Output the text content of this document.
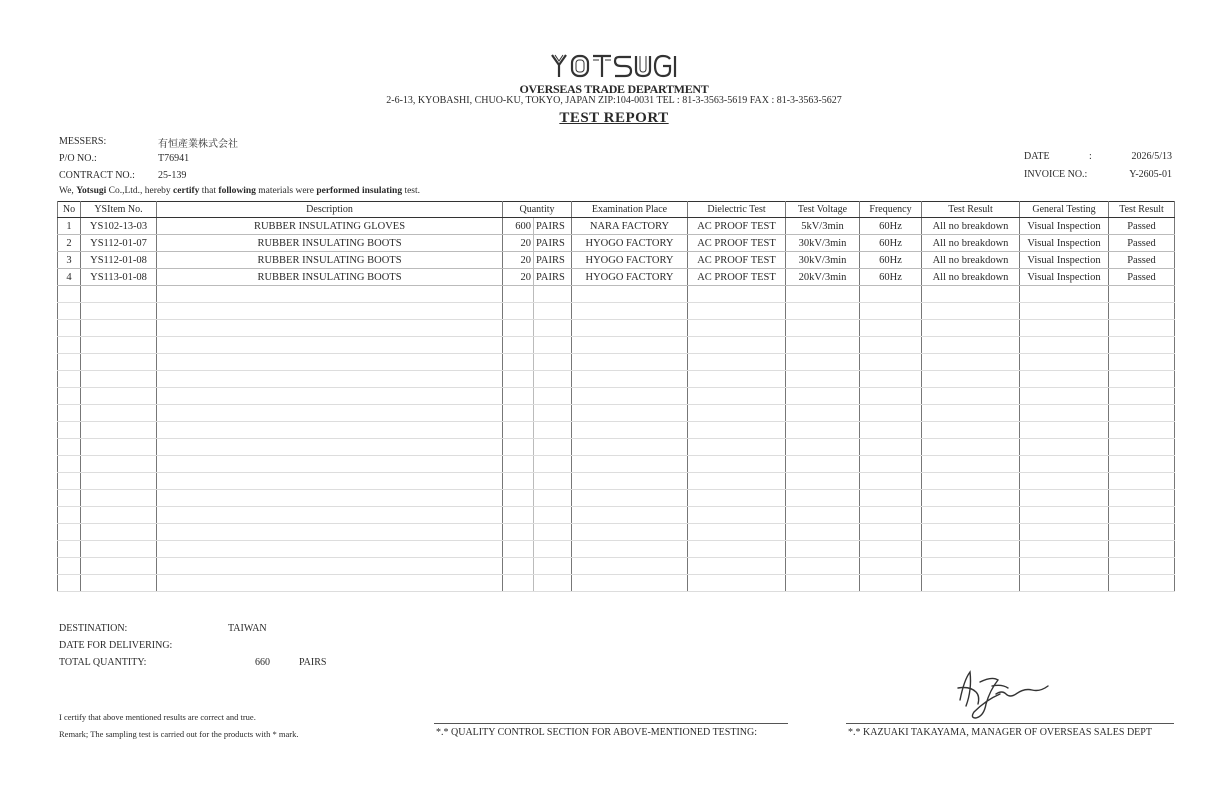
OVERSEAS TRADE DEPARTMENT
2-6-13, KYOBASHI, CHUO-KU, TOKYO, JAPAN ZIP:104-0031 TEL : 81-3-3563-5619 FAX : 81-3-3563-5627
TEST REPORT
MESSERS:	有恒產業株式会社
P/O NO.:	T76941
CONTRACT NO.: 25-139
DATE	:	2026/5/13
INVOICE NO.:	Y-2605-01
We, Yotsugi Co.,Ltd., hereby certify that following materials were performed insulating test.
No	YSItem No.	Description	Quantity		Examination Place	Dielectric Test	Test Voltage	Frequency	Test Result	General Testing	Test Result
1	YS102-13-03	RUBBER INSULATING GLOVES	600	PAIRS	NARA FACTORY	AC PROOF TEST	5kV/3min	60Hz	All no breakdown	Visual Inspection	Passed
2	YS112-01-07	RUBBER INSULATING BOOTS	20	PAIRS	HYOGO FACTORY	AC PROOF TEST	30kV/3min	60Hz	All no breakdown	Visual Inspection	Passed
3	YS112-01-08	RUBBER INSULATING BOOTS	20	PAIRS	HYOGO FACTORY	AC PROOF TEST	30kV/3min	60Hz	All no breakdown	Visual Inspection	Passed
4	YS113-01-08	RUBBER INSULATING BOOTS	20	PAIRS	HYOGO FACTORY	AC PROOF TEST	20kV/3min	60Hz	All no breakdown	Visual Inspection	Passed

DESTINATION:	TAIWAN
DATE FOR DELIVERING:
TOTAL QUANTITY:	660	PAIRS
I certify that above mentioned results are correct and true.
Remark; The sampling test is carried out for the products with * mark.	*.* QUALITY CONTROL SECTION FOR ABOVE-MENTIONED TESTING:	*.* KAZUAKI TAKAYAMA, MANAGER OF OVERSEAS SALES DEPT
